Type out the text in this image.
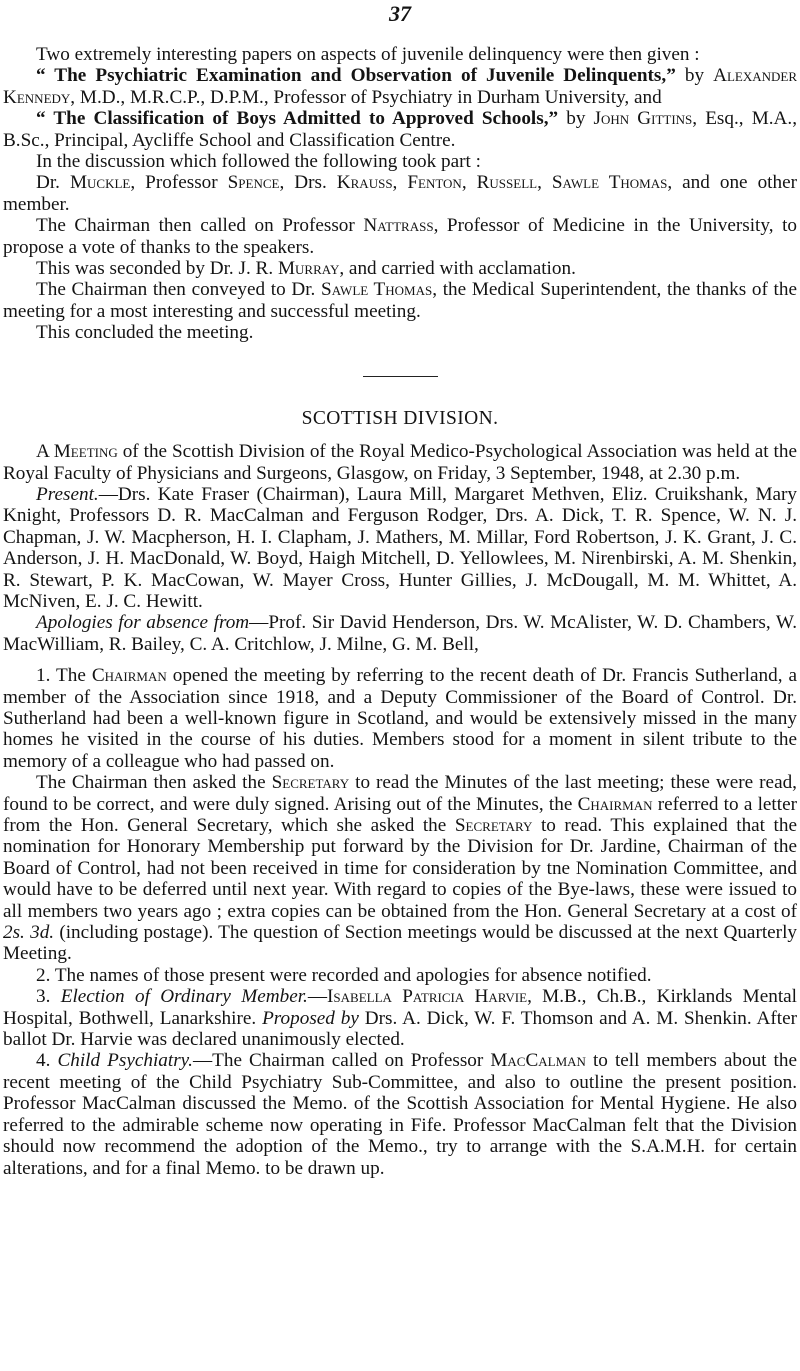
37

Two extremely interesting papers on aspects of juvenile delinquency were then given :

“ The Psychiatric Examination and Observation of Juvenile Delinquents,” by Alexander Kennedy, M.D., M.R.C.P., D.P.M., Professor of Psychiatry in Durham University, and

“ The Classification of Boys Admitted to Approved Schools,” by John Gittins, Esq., M.A., B.Sc., Principal, Aycliffe School and Classification Centre.

In the discussion which followed the following took part :

Dr. Muckle, Professor Spence, Drs. Krauss, Fenton, Russell, Sawle Thomas, and one other member.

The Chairman then called on Professor Nattrass, Professor of Medicine in the University, to propose a vote of thanks to the speakers.

This was seconded by Dr. J. R. Murray, and carried with acclamation.

The Chairman then conveyed to Dr. Sawle Thomas, the Medical Superintendent, the thanks of the meeting for a most interesting and successful meeting.

This concluded the meeting.

SCOTTISH DIVISION.

A Meeting of the Scottish Division of the Royal Medico-Psychological Association was held at the Royal Faculty of Physicians and Surgeons, Glasgow, on Friday, 3 September, 1948, at 2.30 p.m.

Present.—Drs. Kate Fraser (Chairman), Laura Mill, Margaret Methven, Eliz. Cruikshank, Mary Knight, Professors D. R. MacCalman and Ferguson Rodger, Drs. A. Dick, T. R. Spence, W. N. J. Chapman, J. W. Macpherson, H. I. Clapham, J. Mathers, M. Millar, Ford Robertson, J. K. Grant, J. C. Anderson, J. H. MacDonald, W. Boyd, Haigh Mitchell, D. Yellowlees, M. Nirenbirski, A. M. Shenkin, R. Stewart, P. K. MacCowan, W. Mayer Cross, Hunter Gillies, J. McDougall, M. M. Whittet, A. McNiven, E. J. C. Hewitt.

Apologies for absence from—Prof. Sir David Henderson, Drs. W. McAlister, W. D. Chambers, W. MacWilliam, R. Bailey, C. A. Critchlow, J. Milne, G. M. Bell,

1. The Chairman opened the meeting by referring to the recent death of Dr. Francis Sutherland, a member of the Association since 1918, and a Deputy Commissioner of the Board of Control. Dr. Sutherland had been a well-known figure in Scotland, and would be extensively missed in the many homes he visited in the course of his duties. Members stood for a moment in silent tribute to the memory of a colleague who had passed on.

The Chairman then asked the Secretary to read the Minutes of the last meeting; these were read, found to be correct, and were duly signed. Arising out of the Minutes, the Chairman referred to a letter from the Hon. General Secretary, which she asked the Secretary to read. This explained that the nomination for Honorary Membership put forward by the Division for Dr. Jardine, Chairman of the Board of Control, had not been received in time for consideration by tne Nomination Committee, and would have to be deferred until next year. With regard to copies of the Bye-laws, these were issued to all members two years ago ; extra copies can be obtained from the Hon. General Secretary at a cost of 2s. 3d. (including postage). The question of Section meetings would be discussed at the next Quarterly Meeting.

2. The names of those present were recorded and apologies for absence notified.

3. Election of Ordinary Member.—Isabella Patricia Harvie, M.B., Ch.B., Kirklands Mental Hospital, Bothwell, Lanarkshire. Proposed by Drs. A. Dick, W. F. Thomson and A. M. Shenkin. After ballot Dr. Harvie was declared unanimously elected.

4. Child Psychiatry.—The Chairman called on Professor MacCalman to tell members about the recent meeting of the Child Psychiatry Sub-Committee, and also to outline the present position. Professor MacCalman discussed the Memo. of the Scottish Association for Mental Hygiene. He also referred to the admirable scheme now operating in Fife. Professor MacCalman felt that the Division should now recommend the adoption of the Memo., try to arrange with the S.A.M.H. for certain alterations, and for a final Memo. to be drawn up.
